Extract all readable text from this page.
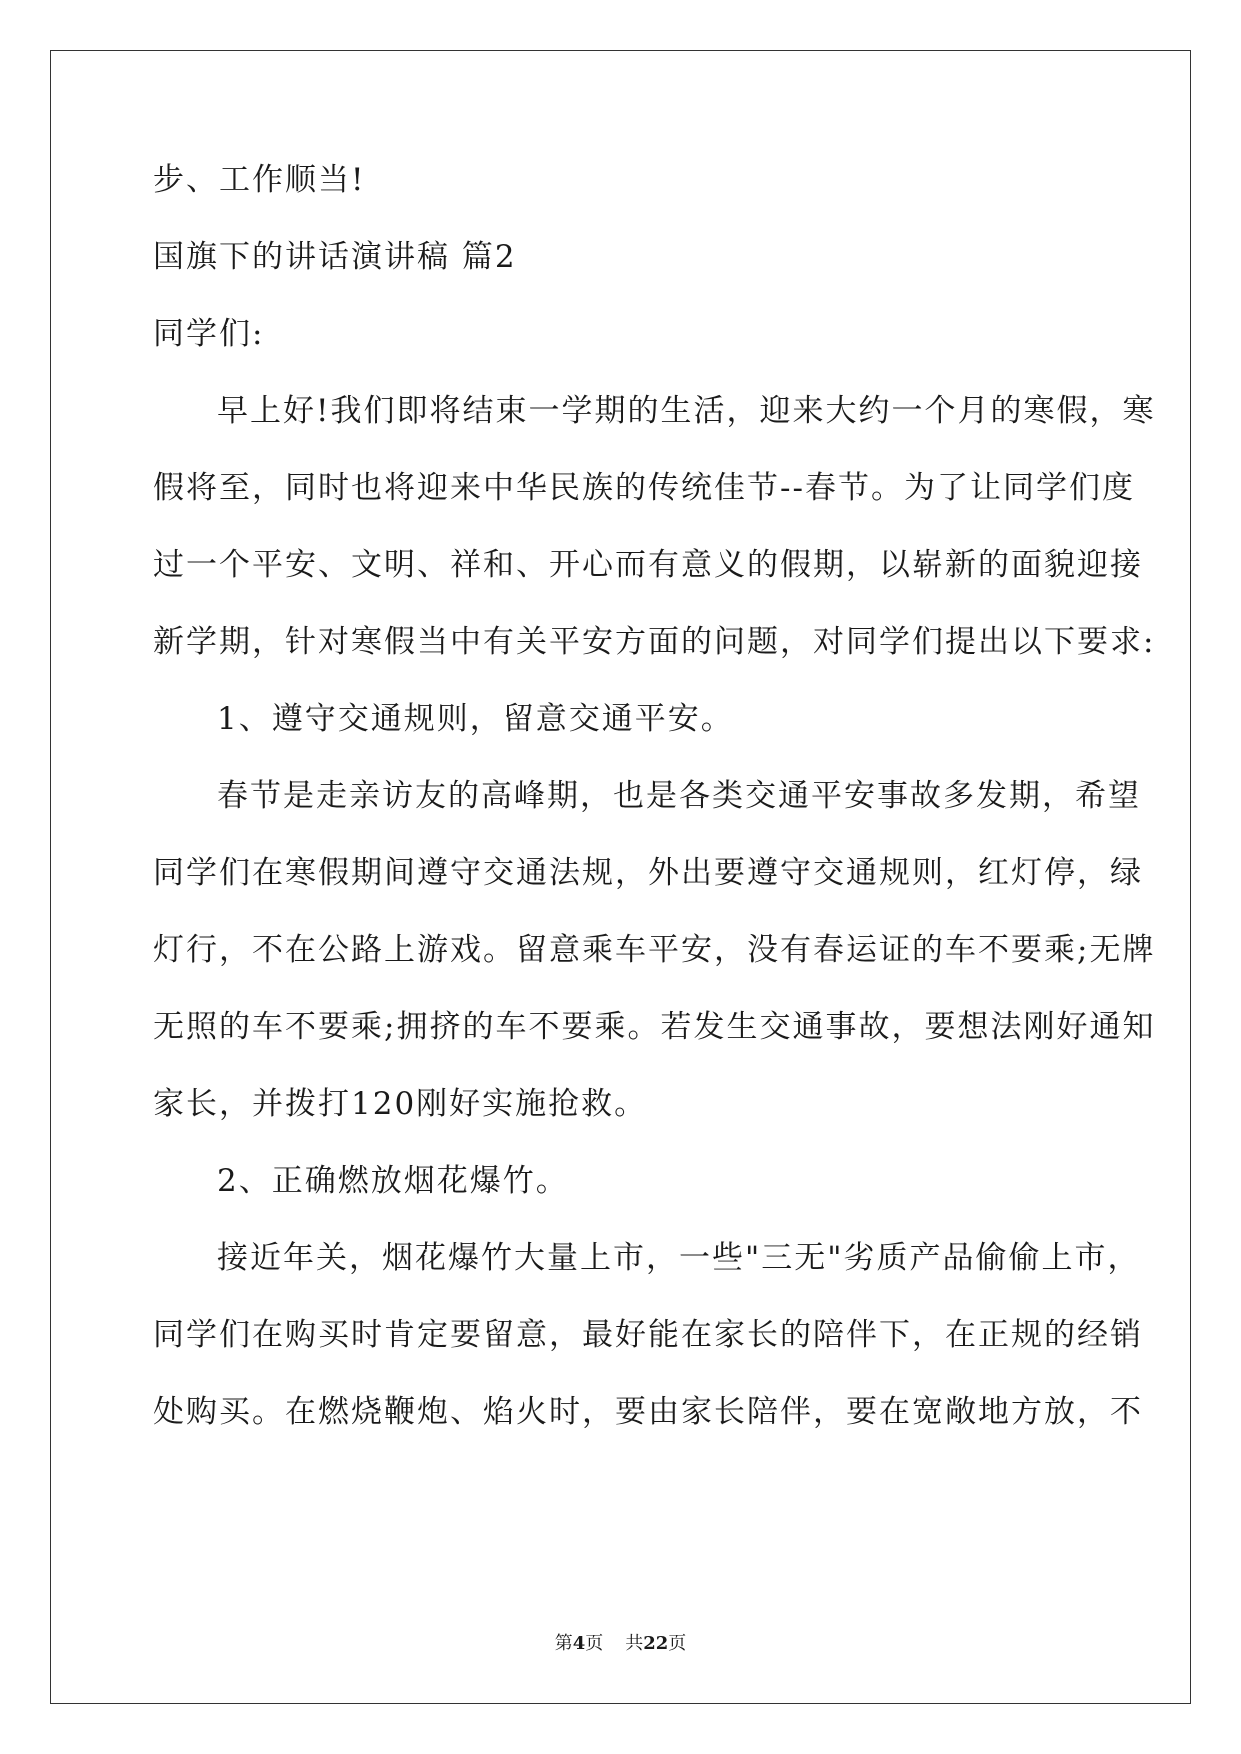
步、工作顺当!
国旗下的讲话演讲稿 篇2
同学们:
早上好!我们即将结束一学期的生活，迎来大约一个月的寒假，寒
假将至，同时也将迎来中华民族的传统佳节--春节。为了让同学们度
过一个平安、文明、祥和、开心而有意义的假期，以崭新的面貌迎接
新学期，针对寒假当中有关平安方面的问题，对同学们提出以下要求:
1、遵守交通规则，留意交通平安。
春节是走亲访友的高峰期，也是各类交通平安事故多发期，希望
同学们在寒假期间遵守交通法规，外出要遵守交通规则，红灯停，绿
灯行，不在公路上游戏。留意乘车平安，没有春运证的车不要乘;无牌
无照的车不要乘;拥挤的车不要乘。若发生交通事故，要想法刚好通知
家长，并拨打120刚好实施抢救。
2、正确燃放烟花爆竹。
接近年关，烟花爆竹大量上市，一些"三无"劣质产品偷偷上市，
同学们在购买时肯定要留意，最好能在家长的陪伴下，在正规的经销
处购买。在燃烧鞭炮、焰火时，要由家长陪伴，要在宽敞地方放，不
第4页 共22页
